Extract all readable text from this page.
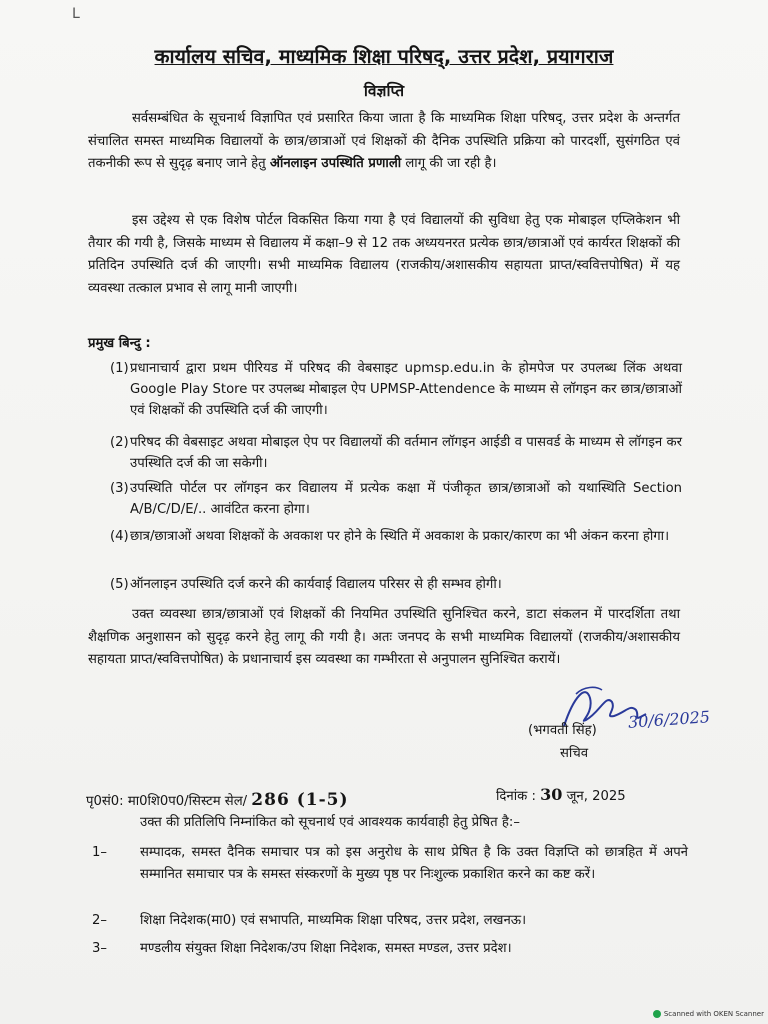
ᒪ
कार्यालय सचिव, माध्यमिक शिक्षा परिषद्, उत्तर प्रदेश, प्रयागराज
विज्ञप्ति
सर्वसम्बंधित के सूचनार्थ विज्ञापित एवं प्रसारित किया जाता है कि माध्यमिक शिक्षा परिषद्, उत्तर प्रदेश के अन्तर्गत संचालित समस्त माध्यमिक विद्यालयों के छात्र/छात्राओं एवं शिक्षकों की दैनिक उपस्थिति प्रक्रिया को पारदर्शी, सुसंगठित एवं तकनीकी रूप से सुदृढ़ बनाए जाने हेतु ऑनलाइन उपस्थिति प्रणाली लागू की जा रही है।
इस उद्देश्य से एक विशेष पोर्टल विकसित किया गया है एवं विद्यालयों की सुविधा हेतु एक मोबाइल एप्लिकेशन भी तैयार की गयी है, जिसके माध्यम से विद्यालय में कक्षा–9 से 12 तक अध्ययनरत प्रत्येक छात्र/छात्राओं एवं कार्यरत शिक्षकों की प्रतिदिन उपस्थिति दर्ज की जाएगी। सभी माध्यमिक विद्यालय (राजकीय/अशासकीय सहायता प्राप्त/स्ववित्तपोषित) में यह व्यवस्था तत्काल प्रभाव से लागू मानी जाएगी।
प्रमुख बिन्दु :
(1) प्रधानाचार्य द्वारा प्रथम पीरियड में परिषद की वेबसाइट upmsp.edu.in के होमपेज पर उपलब्ध लिंक अथवा Google Play Store पर उपलब्ध मोबाइल ऐप UPMSP-Attendence के माध्यम से लॉगइन कर छात्र/छात्राओं एवं शिक्षकों की उपस्थिति दर्ज की जाएगी।
(2) परिषद की वेबसाइट अथवा मोबाइल ऐप पर विद्यालयों की वर्तमान लॉगइन आईडी व पासवर्ड के माध्यम से लॉगइन कर उपस्थिति दर्ज की जा सकेगी।
(3) उपस्थिति पोर्टल पर लॉगइन कर विद्यालय में प्रत्येक कक्षा में पंजीकृत छात्र/छात्राओं को यथास्थिति Section A/B/C/D/E/.. आवंटित करना होगा।
(4) छात्र/छात्राओं अथवा शिक्षकों के अवकाश पर होने के स्थिति में अवकाश के प्रकार/कारण का भी अंकन करना होगा।
(5) ऑनलाइन उपस्थिति दर्ज करने की कार्यवाई विद्यालय परिसर से ही सम्भव होगी।
उक्त व्यवस्था छात्र/छात्राओं एवं शिक्षकों की नियमित उपस्थिति सुनिश्चित करने, डाटा संकलन में पारदर्शिता तथा शैक्षणिक अनुशासन को सुदृढ़ करने हेतु लागू की गयी है। अतः जनपद के सभी माध्यमिक विद्यालयों (राजकीय/अशासकीय सहायता प्राप्त/स्ववित्तपोषित) के प्रधानाचार्य इस व्यवस्था का गम्भीरता से अनुपालन सुनिश्चित करायें।
(भगवती सिंह) 30/6/2025
सचिव
पृ0सं0: मा0शि0प0/सिस्टम सेल/ 286 (1-5)	दिनांक : 30 जून, 2025
उक्त की प्रतिलिपि निम्नांकित को सूचनार्थ एवं आवश्यक कार्यवाही हेतु प्रेषित है:–
1–	सम्पादक, समस्त दैनिक समाचार पत्र को इस अनुरोध के साथ प्रेषित है कि उक्त विज्ञप्ति को छात्रहित में अपने सम्मानित समाचार पत्र के समस्त संस्करणों के मुख्य पृष्ठ पर निःशुल्क प्रकाशित करने का कष्ट करें।
2–	शिक्षा निदेशक(मा0) एवं सभापति, माध्यमिक शिक्षा परिषद, उत्तर प्रदेश, लखनऊ।
3–	मण्डलीय संयुक्त शिक्षा निदेशक/उप शिक्षा निदेशक, समस्त मण्डल, उत्तर प्रदेश।
Scanned with OKEN Scanner
